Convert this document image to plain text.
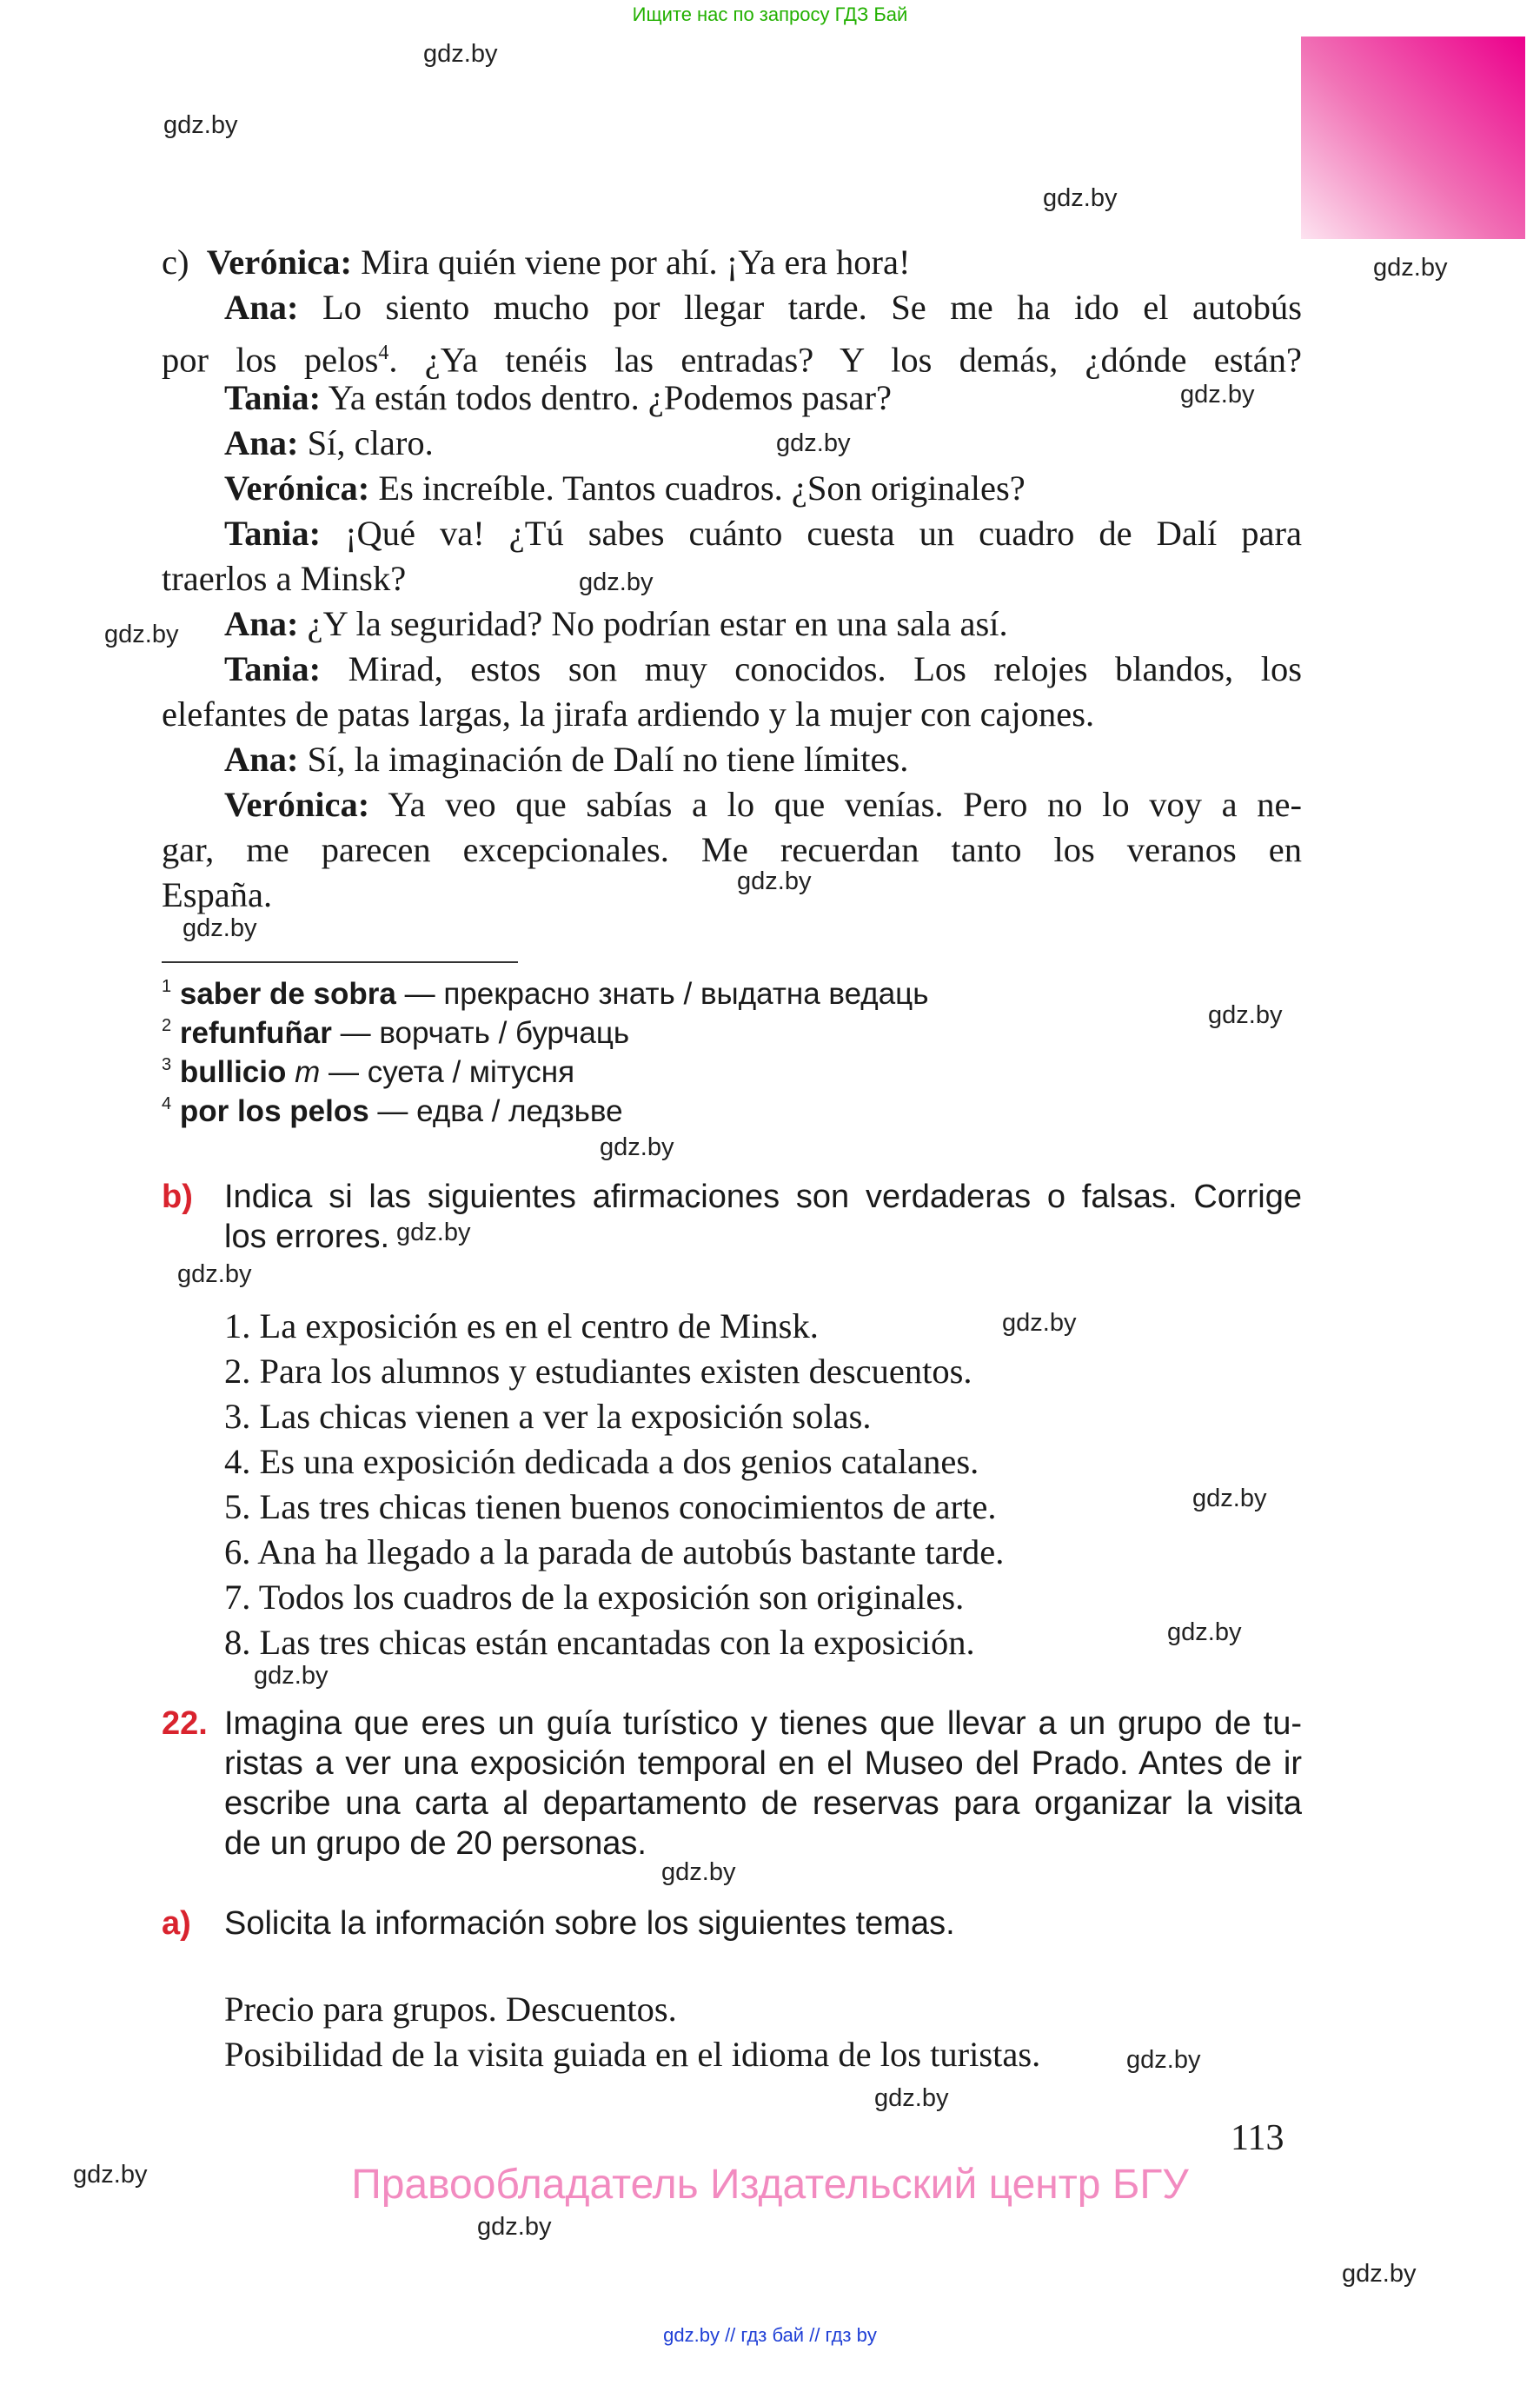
Ищите нас по запросу ГДЗ Бай
gdz.by
gdz.by
gdz.by
gdz.by
gdz.by
gdz.by
gdz.by
gdz.by
gdz.by
gdz.by
gdz.by
gdz.by
gdz.by
gdz.by
gdz.by
gdz.by
gdz.by
gdz.by
gdz.by
gdz.by
gdz.by
gdz.by
gdz.by
gdz.by
c) Verónica: Mira quién viene por ahí. ¡Ya era hora!
Ana: Lo siento mucho por llegar tarde. Se me ha ido el autobús
por los pelos$^4$. ¿Ya tenéis las entradas? Y los demás, ¿dónde están?
Tania: Ya están todos dentro. ¿Podemos pasar?
Ana: Sí, claro.
Verónica: Es increíble. Tantos cuadros. ¿Son originales?
Tania: ¡Qué va! ¿Tú sabes cuánto cuesta un cuadro de Dalí para
traerlos a Minsk?
Ana: ¿Y la seguridad? No podrían estar en una sala así.
Tania: Mirad, estos son muy conocidos. Los relojes blandos, los
elefantes de patas largas, la jirafa ardiendo y la mujer con cajones.
Ana: Sí, la imaginación de Dalí no tiene límites.
Verónica: Ya veo que sabías a lo que venías. Pero no lo voy a ne-
gar, me parecen excepcionales. Me recuerdan tanto los veranos en
España.
$^1$ saber de sobra — прекрасно знать / выдатна ведаць
$^2$ refunfuñar — ворчать / бурчаць
$^3$ bullicio m — суета / мітусня
$^4$ por los pelos — едва / ледзьве
b) Indica si las siguientes afirmaciones son verdaderas o falsas. Corrige
los errores.
1. La exposición es en el centro de Minsk.
2. Para los alumnos y estudiantes existen descuentos.
3. Las chicas vienen a ver la exposición solas.
4. Es una exposición dedicada a dos genios catalanes.
5. Las tres chicas tienen buenos conocimientos de arte.
6. Ana ha llegado a la parada de autobús bastante tarde.
7. Todos los cuadros de la exposición son originales.
8. Las tres chicas están encantadas con la exposición.
22. Imagina que eres un guía turístico y tienes que llevar a un grupo de tu-
ristas a ver una exposición temporal en el Museo del Prado. Antes de ir
escribe una carta al departamento de reservas para organizar la visita
de un grupo de 20 personas.
a) Solicita la información sobre los siguientes temas.
Precio para grupos. Descuentos.
Posibilidad de la visita guiada en el idioma de los turistas.
113
Правообладатель Издательский центр БГУ
gdz.by // гдз бай // гдз by
